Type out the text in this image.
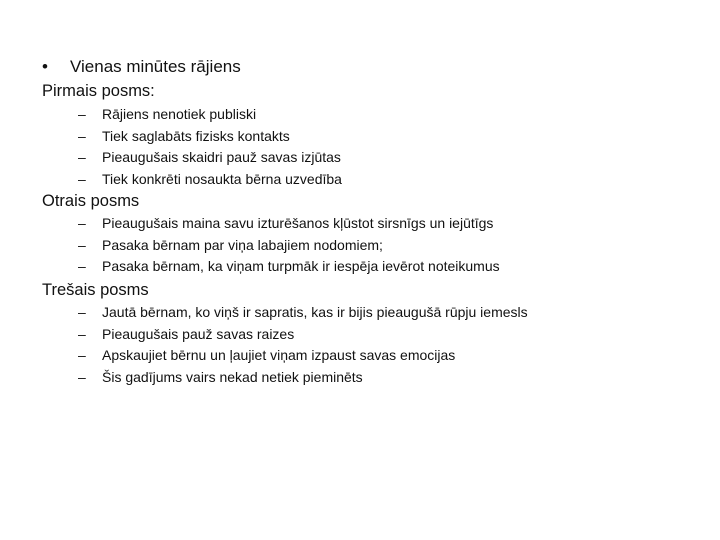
• Vienas minūtes rājiens
Pirmais posms:
– Rājiens nenotiek publiski
– Tiek saglabāts fizisks kontakts
– Pieaugušais skaidri pauž savas izjūtas
– Tiek konkrēti nosaukta bērna uzvedība
Otrais posms
– Pieaugušais maina savu izturēšanos kļūstot sirsnīgs un iejūtīgs
– Pasaka bērnam par viņa labajiem nodomiem;
– Pasaka bērnam, ka viņam turpmāk ir iespēja ievērot noteikumus
Trešais posms
– Jautā bērnam, ko viņš ir sapratis, kas ir bijis pieaugušā rūpju iemesls
– Pieaugušais pauž savas raizes
– Apskaujiet bērnu un ļaujiet viņam izpaust savas emocijas
– Šis gadījums vairs nekad netiek pieminēts
